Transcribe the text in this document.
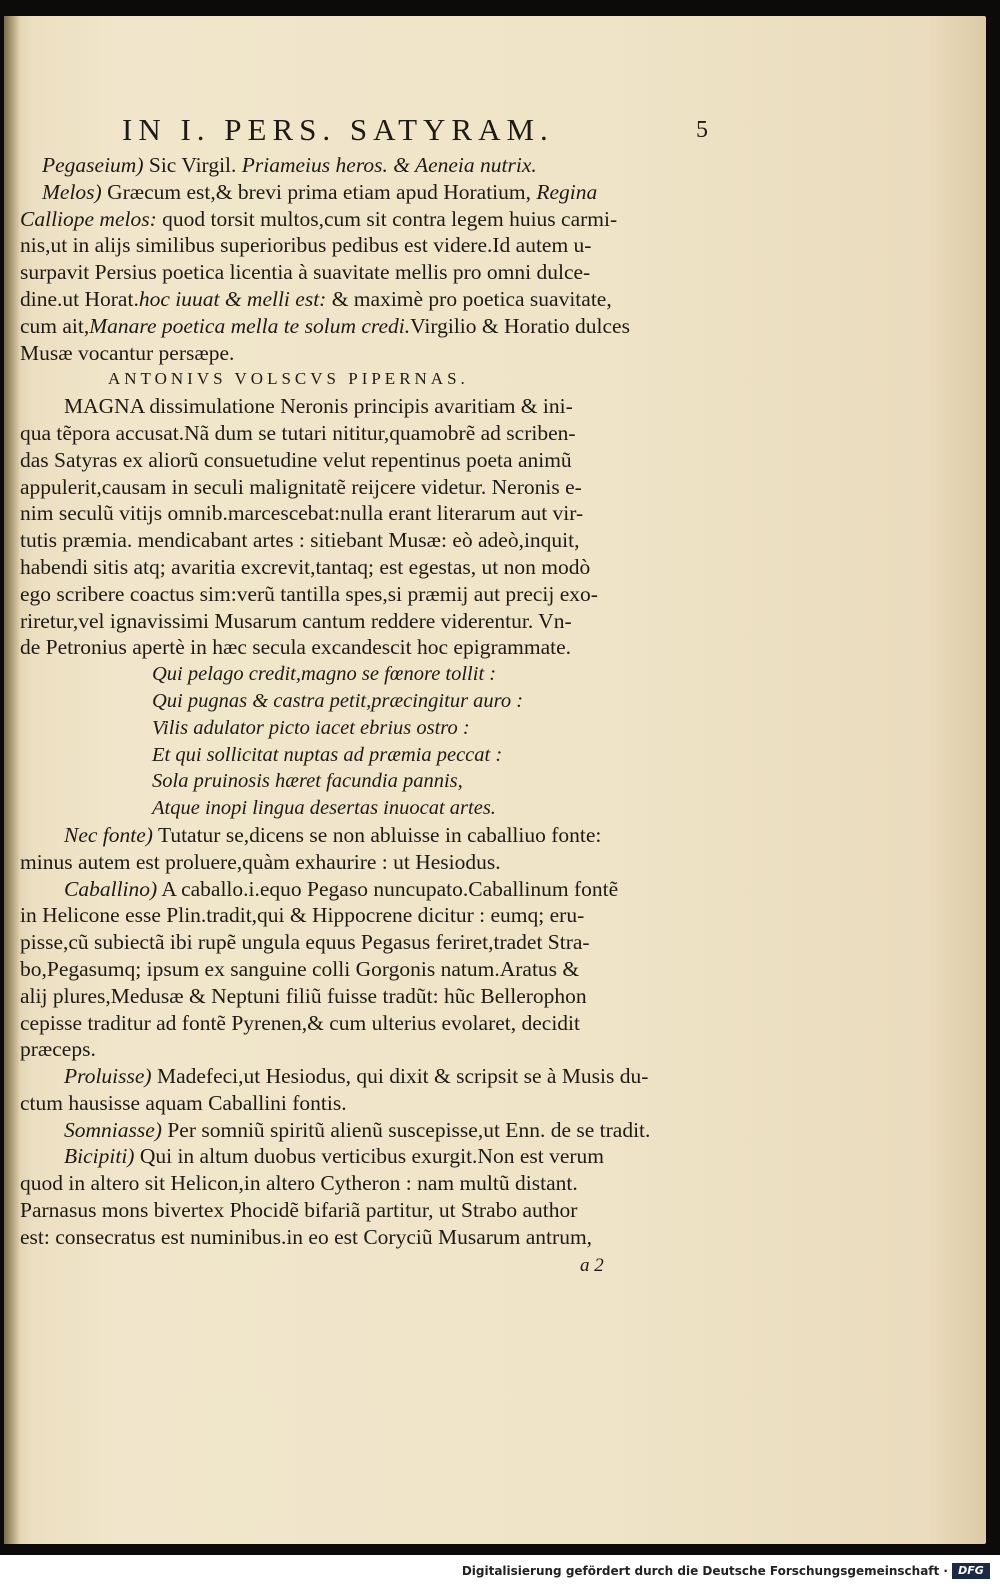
IN I. PERS. SATYRAM.	5
Pegaseium) Sic Virgil. Priameius heros. & Aeneia nutrix.
Melos) Græcum est,& brevi prima etiam apud Horatium, Regina
Calliope melos: quod torsit multos,cum sit contra legem huius carmi-
nis,ut in alijs similibus superioribus pedibus est videre.Id autem u-
surpavit Persius poetica licentia à suavitate mellis pro omni dulce-
dine.ut Horat.hoc iuuat & melli est: & maximè pro poetica suavitate,
cum ait,Manare poetica mella te solum credi.Virgilio & Horatio dulces
Musæ vocantur persæpe.
ANTONIVS VOLSCVS PIPERNAS.
MAGNA dissimulatione Neronis principis avaritiam & ini-
qua tẽpora accusat.Nã dum se tutari nititur,quamobrẽ ad scriben-
das Satyras ex aliorũ consuetudine velut repentinus poeta animũ
appulerit,causam in seculi malignitatẽ reijcere videtur. Neronis e-
nim seculũ vitijs omnib.marcescebat:nulla erant literarum aut vir-
tutis præmia. mendicabant artes : sitiebant Musæ: eò adeò,inquit,
habendi sitis atq; avaritia excrevit,tantaq; est egestas, ut non modò
ego scribere coactus sim:verũ tantilla spes,si præmij aut precij exo-
riretur,vel ignavissimi Musarum cantum reddere viderentur. Vn-
de Petronius apertè in hæc secula excandescit hoc epigrammate.
Qui pelago credit,magno se fœnore tollit :
Qui pugnas & castra petit,præcingitur auro :
Vilis adulator picto iacet ebrius ostro :
Et qui sollicitat nuptas ad præmia peccat :
Sola pruinosis hæret facundia pannis,
Atque inopi lingua desertas inuocat artes.
Nec fonte) Tutatur se,dicens se non abluisse in caballiuo fonte:
minus autem est proluere,quàm exhaurire : ut Hesiodus.
Caballino) A caballo.i.equo Pegaso nuncupato.Caballinum fontẽ
in Helicone esse Plin.tradit,qui & Hippocrene dicitur : eumq; eru-
pisse,cũ subiectã ibi rupẽ ungula equus Pegasus feriret,tradet Stra-
bo,Pegasumq; ipsum ex sanguine colli Gorgonis natum.Aratus &
alij plures,Medusæ & Neptuni filiũ fuisse tradũt: hũc Bellerophon
cepisse traditur ad fontẽ Pyrenen,& cum ulterius evolaret, decidit
præceps.
Proluisse) Madefeci,ut Hesiodus, qui dixit & scripsit se à Musis du-
ctum hausisse aquam Caballini fontis.
Somniasse) Per somniũ spiritũ alienũ suscepisse,ut Enn. de se tradit.
Bicipiti) Qui in altum duobus verticibus exurgit.Non est verum
quod in altero sit Helicon,in altero Cytheron : nam multũ distant.
Parnasus mons bivertex Phocidẽ bifariã partitur, ut Strabo author
est: consecratus est numinibus.in eo est Coryciũ Musarum antrum,
a 2
Digitalisierung gefördert durch die Deutsche Forschungsgemeinschaft · DFG
